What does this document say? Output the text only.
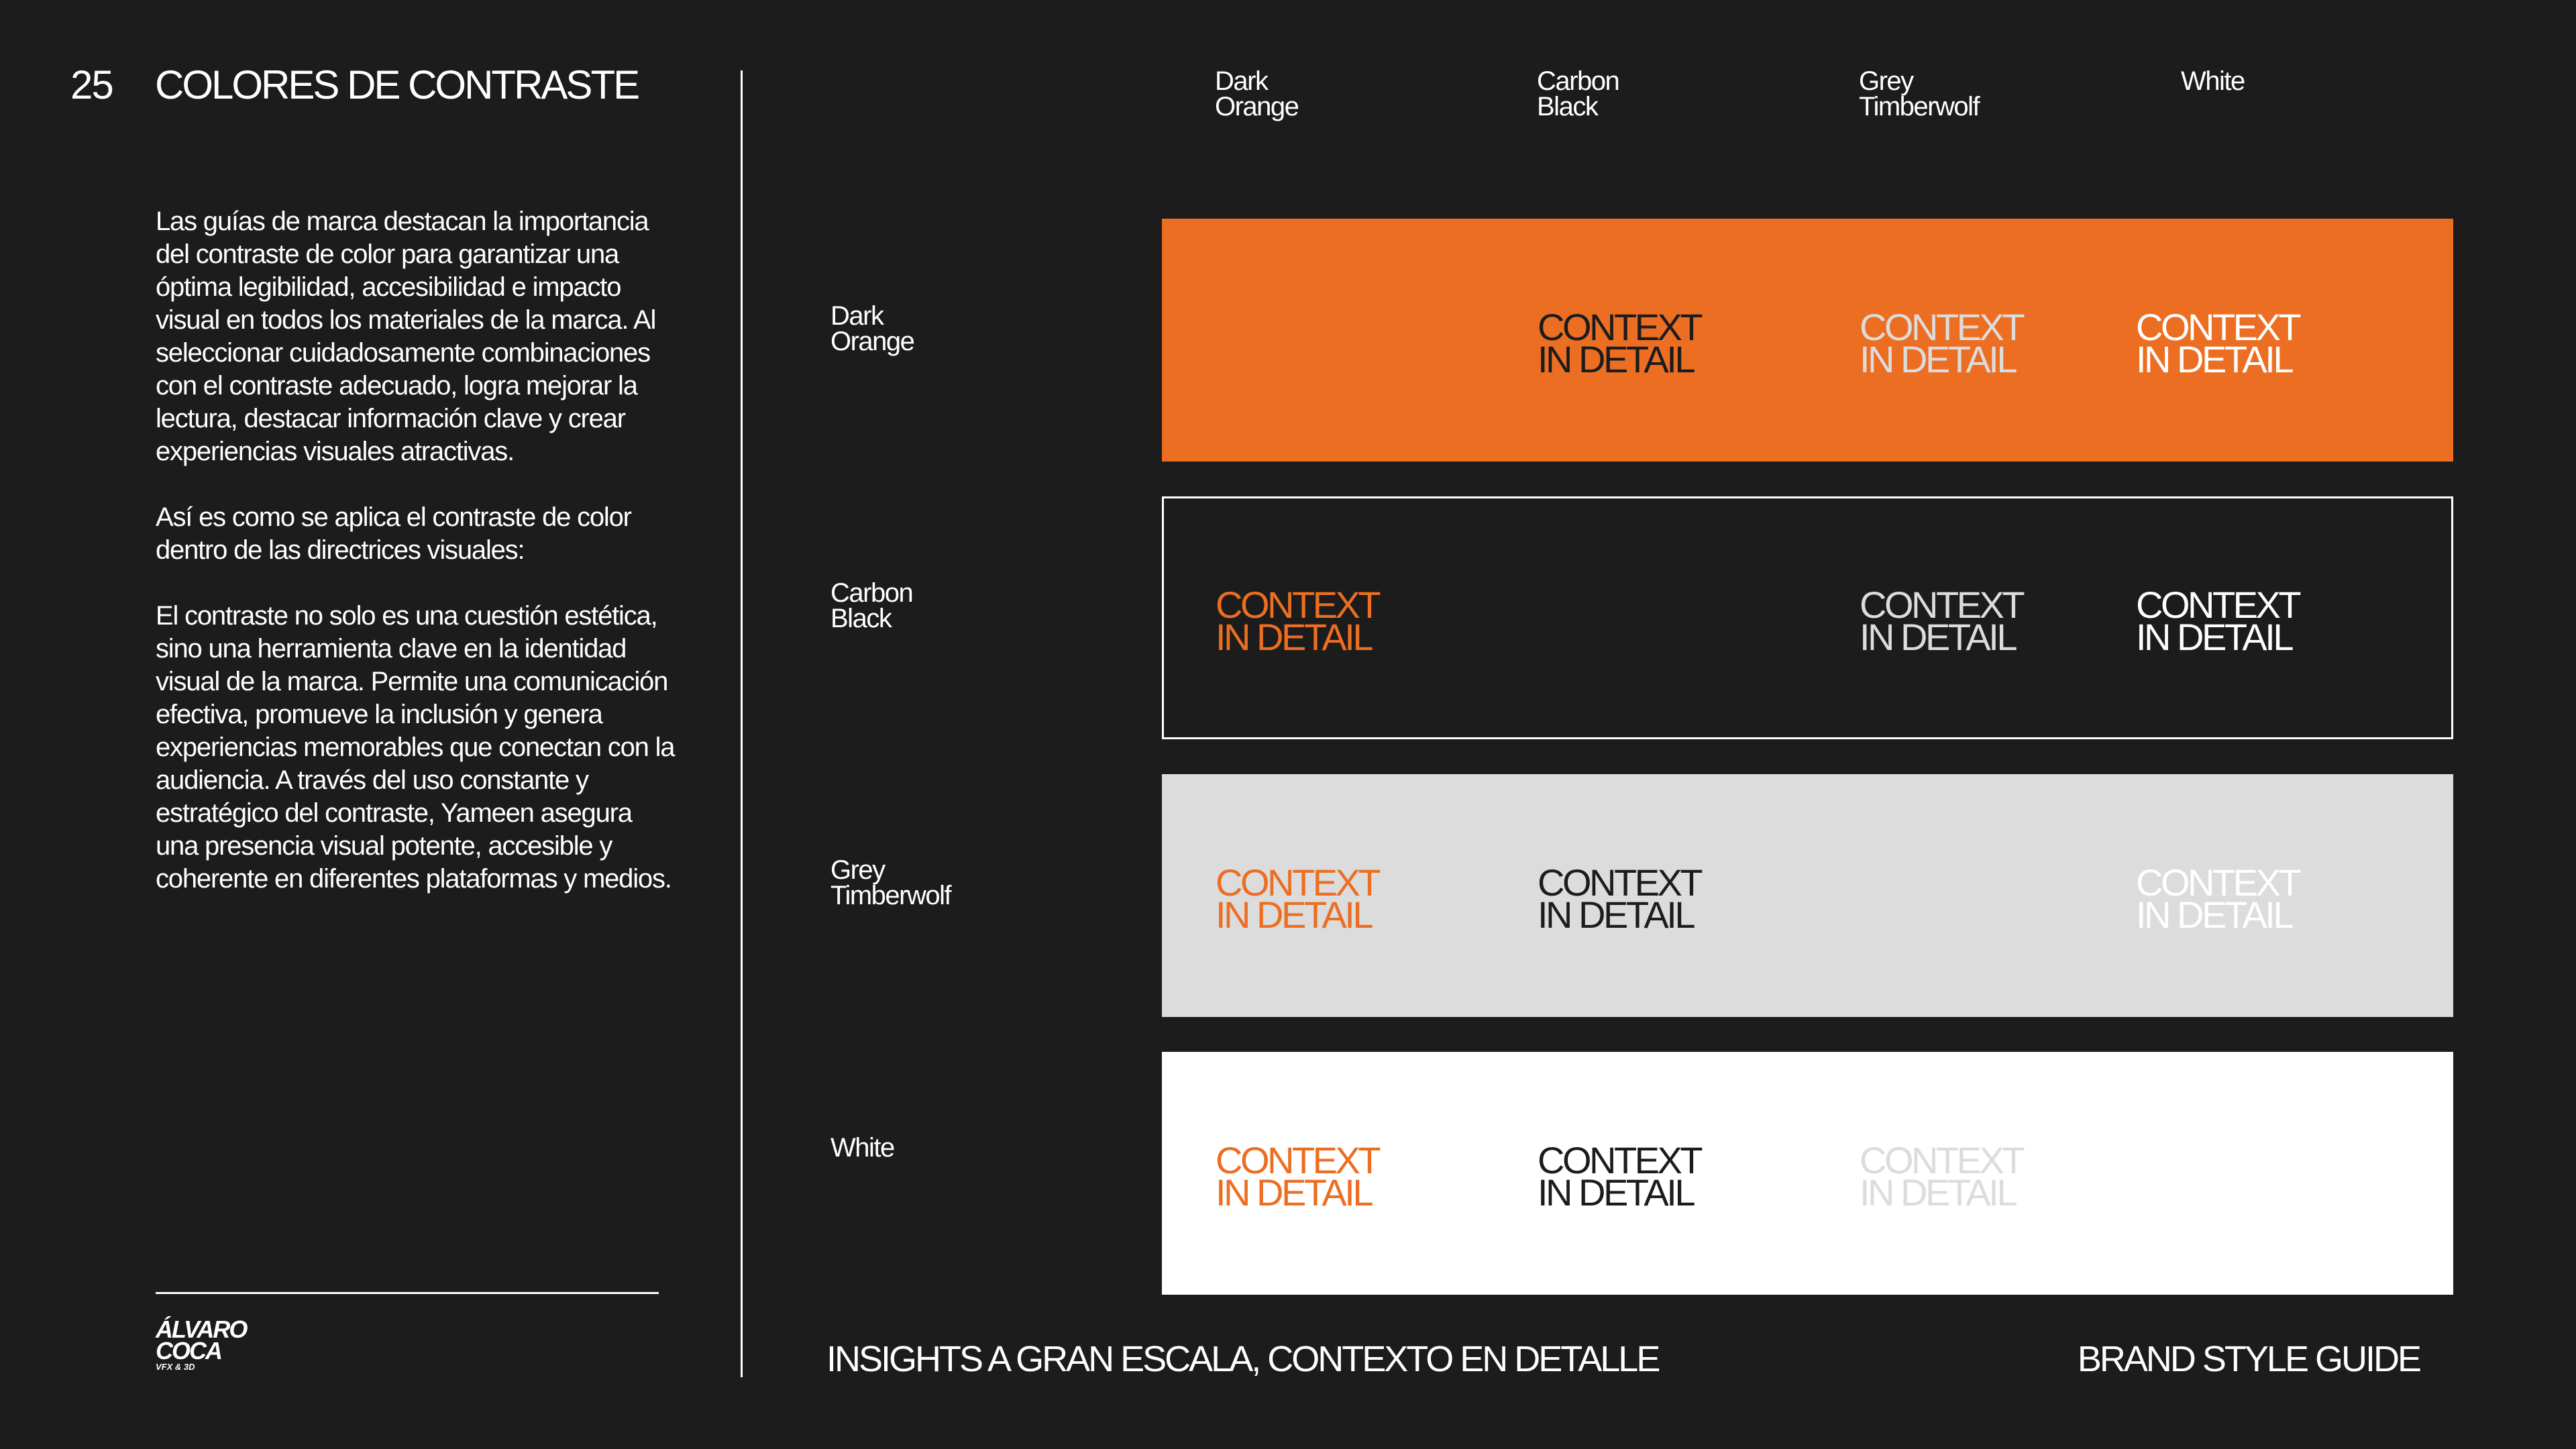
25 COLORES DE CONTRASTE

Las guías de marca destacan la importancia del contraste de color para garantizar una óptima legibilidad, accesibilidad e impacto visual en todos los materiales de la marca. Al seleccionar cuidadosamente combinaciones con el contraste adecuado, logra mejorar la lectura, destacar información clave y crear experiencias visuales atractivas.

Así es como se aplica el contraste de color dentro de las directrices visuales:

El contraste no solo es una cuestión estética, sino una herramienta clave en la identidad visual de la marca. Permite una comunicación efectiva, promueve la inclusión y genera experiencias memorables que conectan con la audiencia. A través del uso constante y estratégico del contraste, Yameen asegura una presencia visual potente, accesible y coherente en diferentes plataformas y medios.

ÁLVARO
COCA
VFX & 3D
Dark
Orange
Carbon
Black
Grey
Timberwolf
White
Dark
Orange
Carbon
Black
Grey
Timberwolf
White
CONTEXT
IN DETAIL
CONTEXT
IN DETAIL
CONTEXT
IN DETAIL
CONTEXT
IN DETAIL
CONTEXT
IN DETAIL
CONTEXT
IN DETAIL
CONTEXT
IN DETAIL
CONTEXT
IN DETAIL
CONTEXT
IN DETAIL
CONTEXT
IN DETAIL
CONTEXT
IN DETAIL
CONTEXT
IN DETAIL
INSIGHTS A GRAN ESCALA, CONTEXTO EN DETALLE	BRAND STYLE GUIDE
